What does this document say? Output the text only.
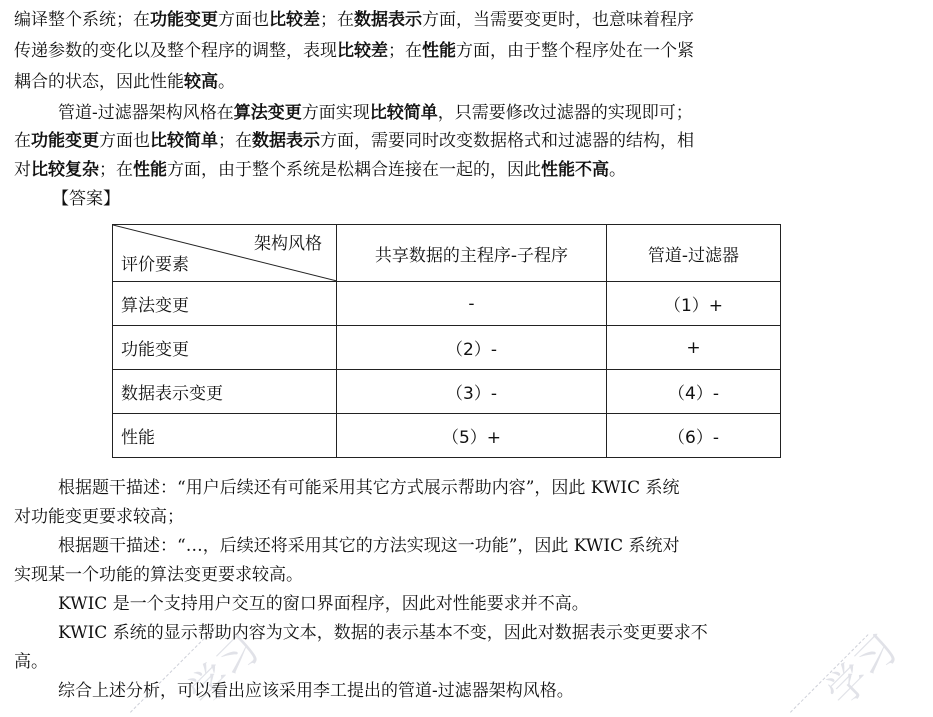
学习	学习
编译整个系统；在功能变更方面也比较差；在数据表示方面，当需要变更时，也意味着程序
传递参数的变化以及整个程序的调整，表现比较差；在性能方面，由于整个程序处在一个紧
耦合的状态，因此性能较高。
管道-过滤器架构风格在算法变更方面实现比较简单，只需要修改过滤器的实现即可；
在功能变更方面也比较简单；在数据表示方面，需要同时改变数据格式和过滤器的结构，相
对比较复杂；在性能方面，由于整个系统是松耦合连接在一起的，因此性能不高。
【答案】
架构风格
评价要素	共享数据的主程序-子程序	管道-过滤器
算法变更	-	（1）+
功能变更	（2）-	+
数据表示变更	（3）-	（4）-
性能	（5）+	（6）-
根据题干描述：“用户后续还有可能采用其它方式展示帮助内容”，因此 KWIC 系统
对功能变更要求较高；
根据题干描述：“…，后续还将采用其它的方法实现这一功能”，因此 KWIC 系统对
实现某一个功能的算法变更要求较高。
KWIC 是一个支持用户交互的窗口界面程序，因此对性能要求并不高。
KWIC 系统的显示帮助内容为文本，数据的表示基本不变，因此对数据表示变更要求不
高。
综合上述分析，可以看出应该采用李工提出的管道-过滤器架构风格。
